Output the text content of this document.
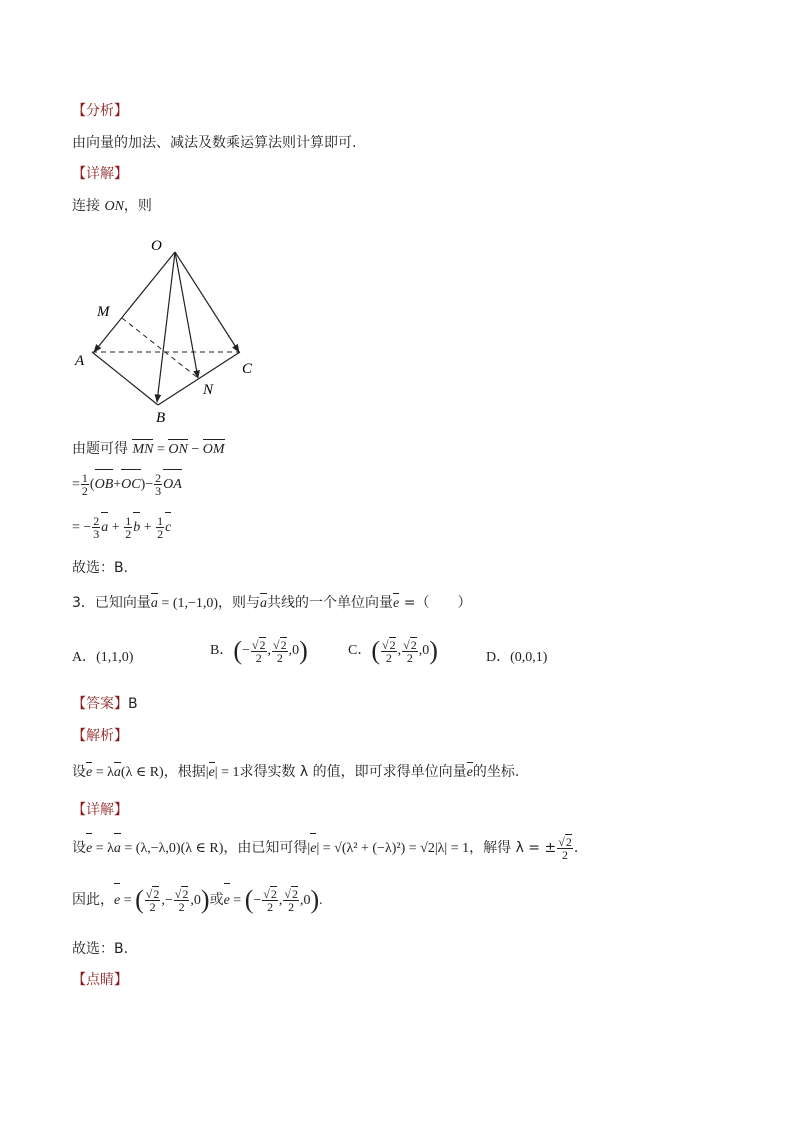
【分析】
由向量的加法、减法及数乘运算法则计算即可.
【详解】
连接 ON，则
O
M
A
B
C
N
由题可得 MN = ON − OM
= $\frac{1}{2} (OB+OC)- \frac{2}{3}$ OA
= − $\frac{2}{3}$ $a + \frac{1}{2}$ $b + \frac{1}{2}$ c
故选：B.
3．已知向量a = (1,−1,0)，则与a共线的一个单位向量e =（　　）
A．(1,1,0)	B．(− $\frac{√2}{2}$ , $\frac{√2}{2} ,0$)	C．( $\frac{√2}{2}$ , $\frac{√2}{2} ,0$)	D．(0,0,1)
【答案】B
【解析】
设e = λa(λ ∈ R)，根据|e| = 1求得实数 λ 的值，即可求得单位向量e的坐标.
【详解】
设e = λa = (λ,−λ,0)(λ ∈ R)，由已知可得|e| = √(λ² + (−λ)²) = √2|λ| = 1，解得 λ = ± $\frac{√2}{2}$ .
因此，e = ( $\frac{√2}{2}$ ,− $\frac{√2}{2} ,0$)或e = (− $\frac{√2}{2}$ , $\frac{√2}{2} ,0$).
故选：B.
【点睛】
